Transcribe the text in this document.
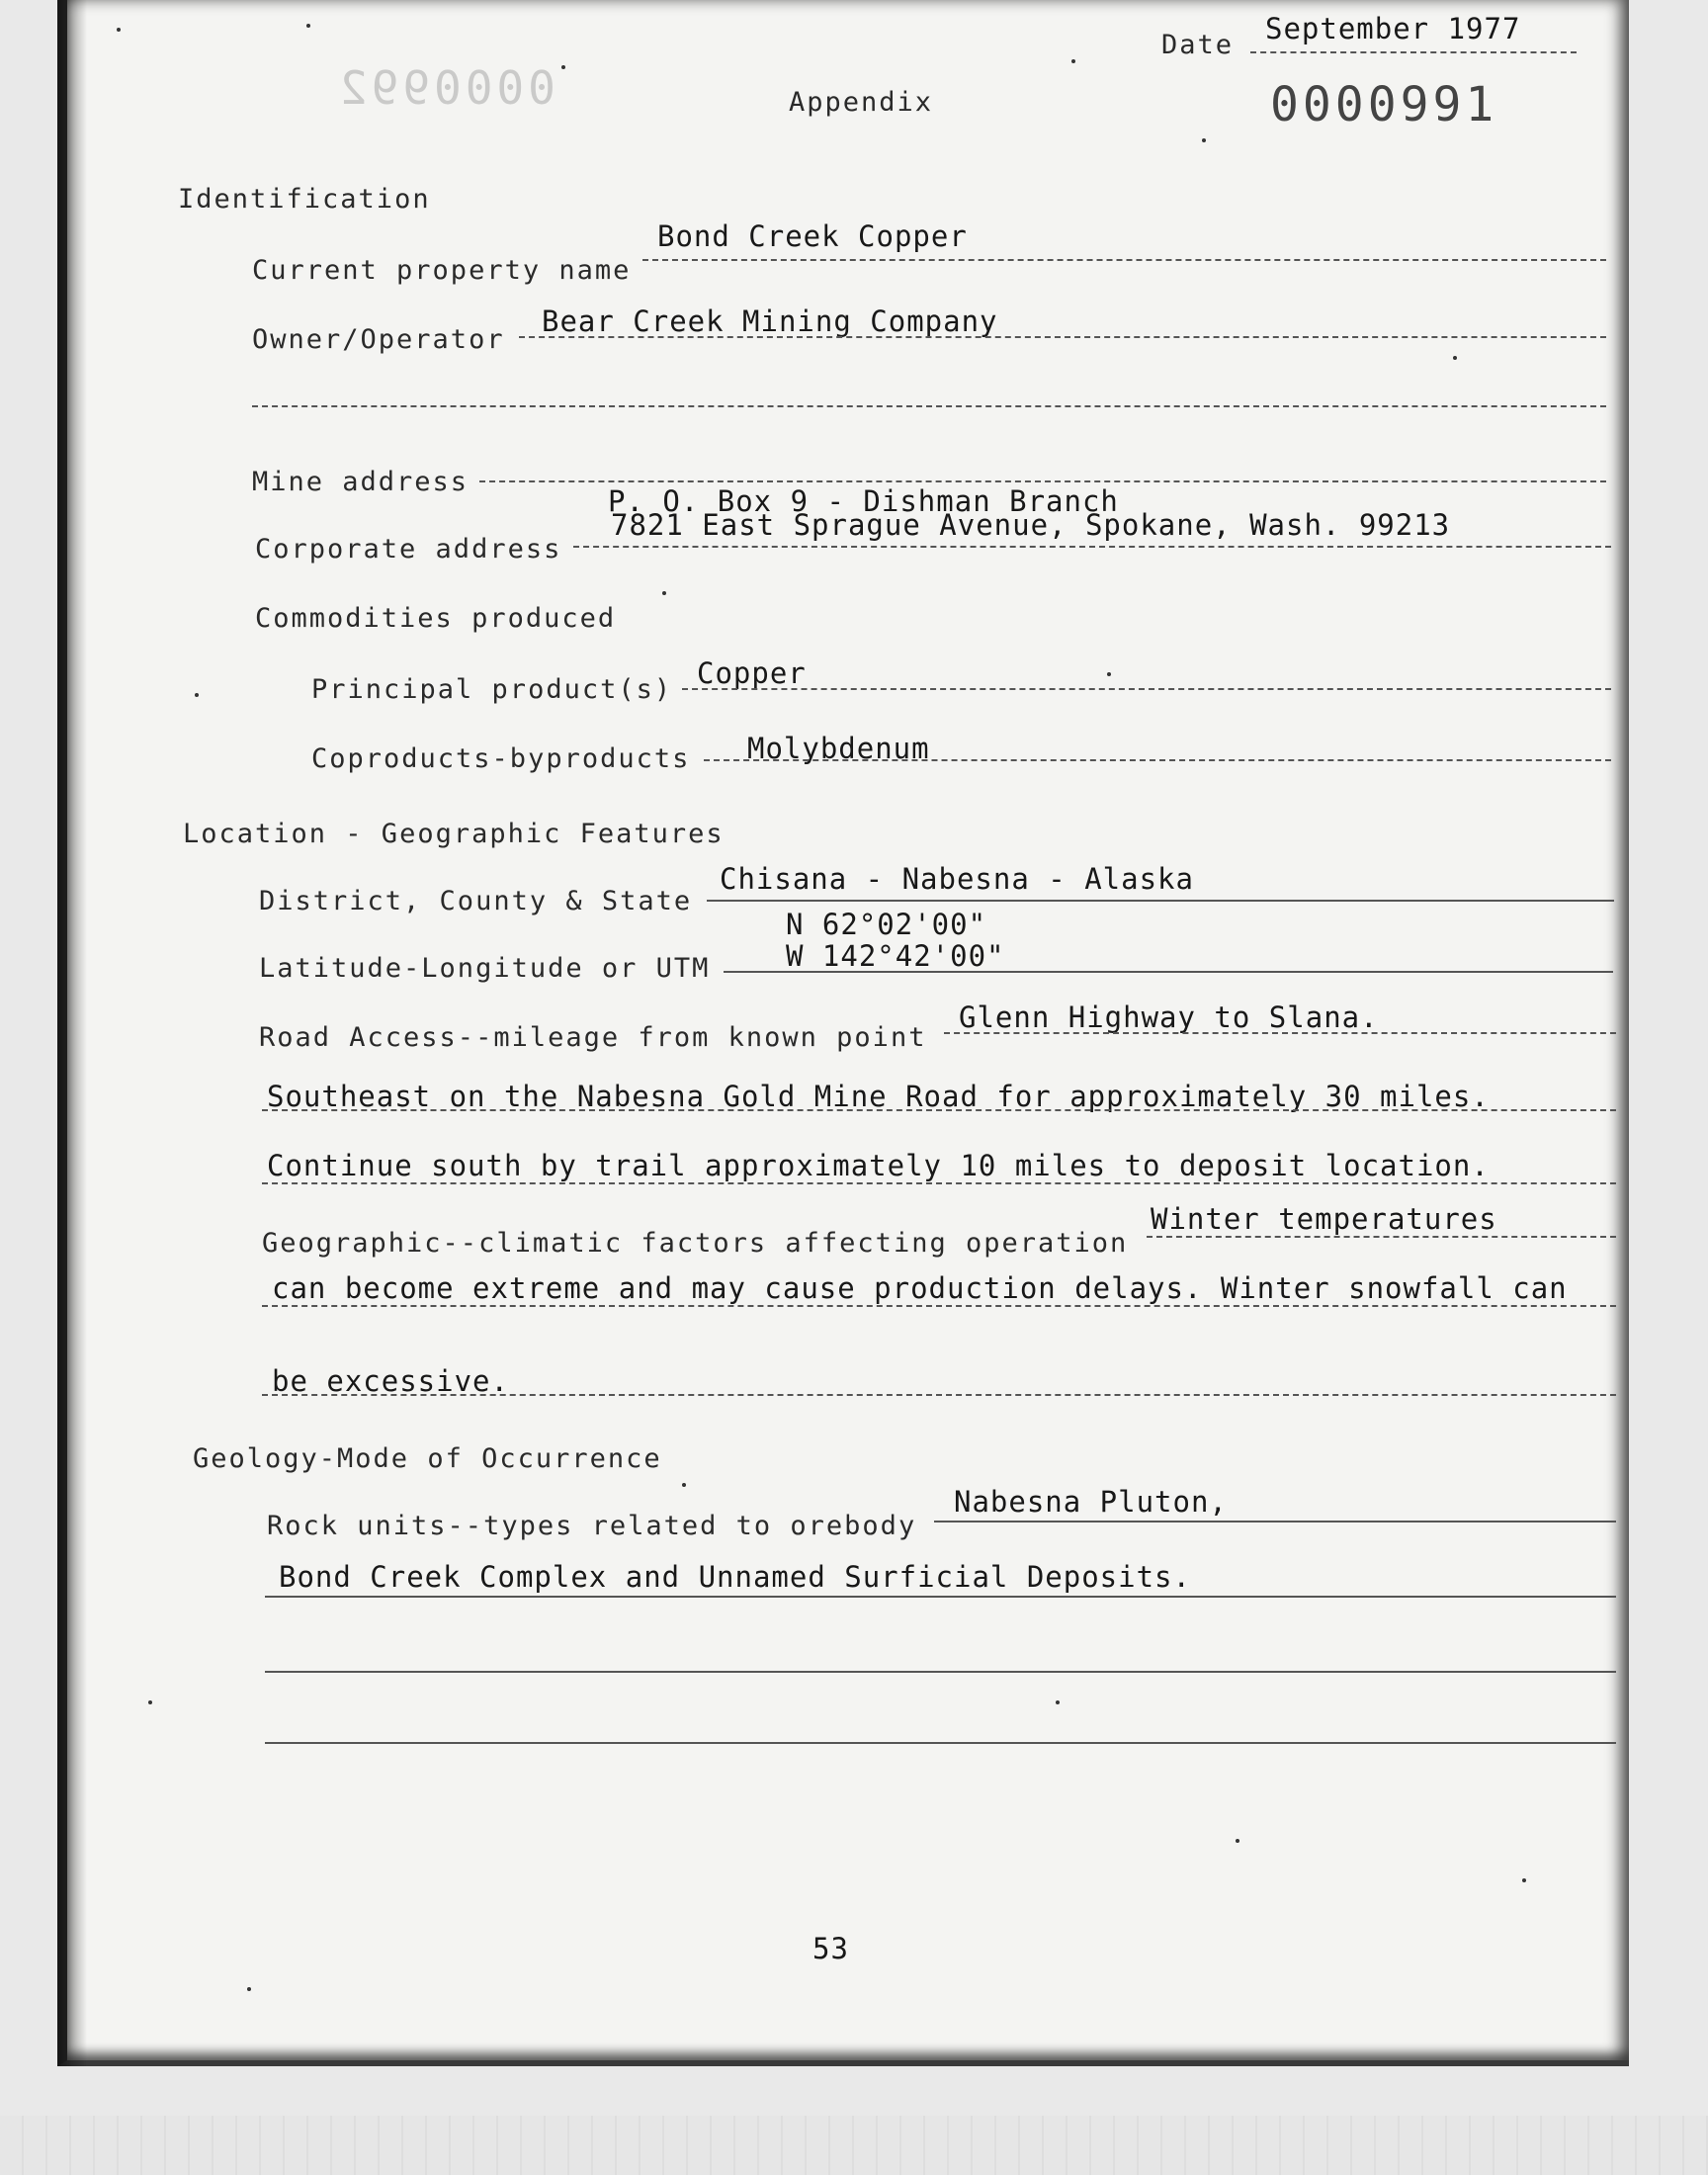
Date September 1977
0000992	0000991
Appendix
Identification
Current property name
Bond Creek Copper
Owner/Operator
Bear Creek Mining Company
Mine address
P. O. Box 9 - Dishman Branch
Corporate address
7821 East Sprague Avenue, Spokane, Wash. 99213
Commodities produced
Principal product(s) Copper
Coproducts-byproducts Molybdenum
Location - Geographic Features
District, County & State
Chisana - Nabesna - Alaska
N 62°02'00"
Latitude-Longitude or UTM	W 142°42'00"
Road Access--mileage from known point
Glenn Highway to Slana.
Southeast on the Nabesna Gold Mine Road for approximately 30 miles.
Continue south by trail approximately 10 miles to deposit location.
Geographic--climatic factors affecting operation
Winter temperatures
can become extreme and may cause production delays. Winter snowfall can
be excessive.
Geology-Mode of Occurrence
Rock units--types related to orebody
Nabesna Pluton,
Bond Creek Complex and Unnamed Surficial Deposits.
53
